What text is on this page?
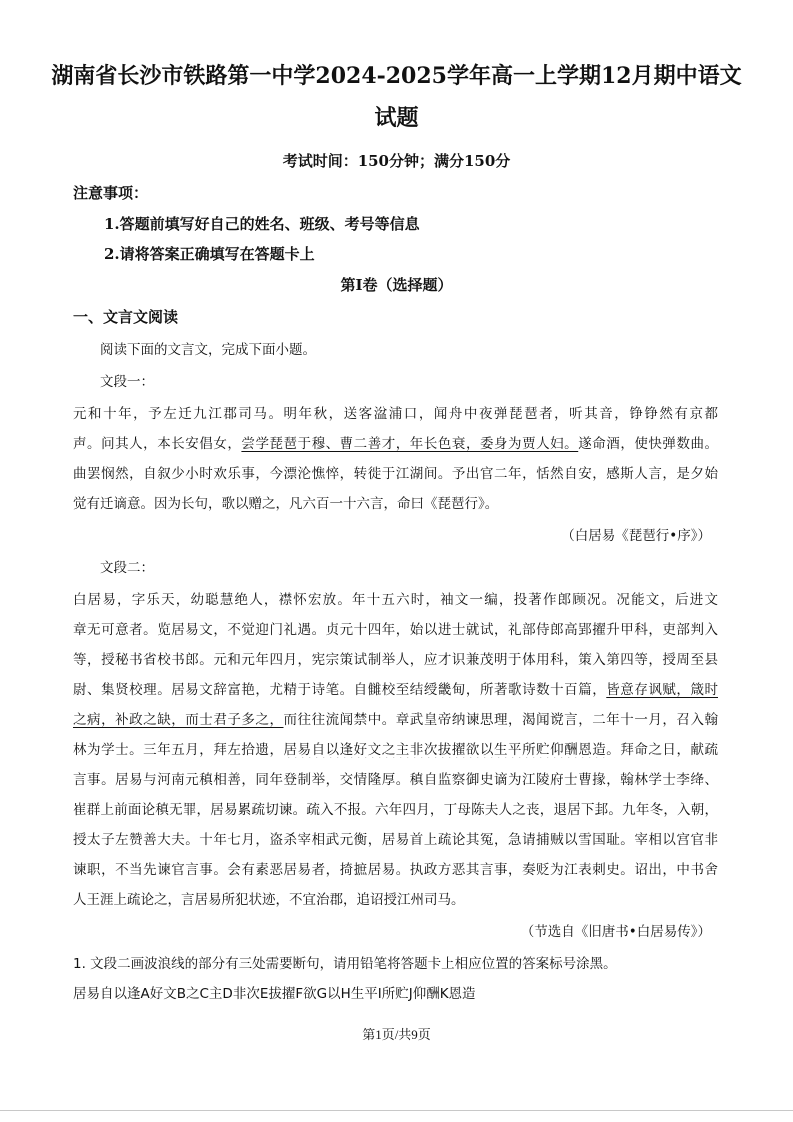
湖南省长沙市铁路第一中学2024-2025学年高一上学期12月期中语文
试题
考试时间：150分钟；满分150分
注意事项：
1.答题前填写好自己的姓名、班级、考号等信息
2.请将答案正确填写在答题卡上
第Ⅰ卷（选择题）
一、文言文阅读
阅读下面的文言文，完成下面小题。
文段一：
元和十年，予左迁九江郡司马。明年秋，送客湓浦口，闻舟中夜弹琵琶者，听其音，铮铮然有京都
声。问其人，本长安倡女，尝学琵琶于穆、曹二善才，年长色衰，委身为贾人妇。遂命酒，使快弹数曲。
曲罢悯然，自叙少小时欢乐事，今漂沦憔悴，转徙于江湖间。予出官二年，恬然自安，感斯人言，是夕始
觉有迁谪意。因为长句，歌以赠之，凡六百一十六言，命曰《琵琶行》。
（白居易《琵琶行•序》）
文段二：
白居易，字乐天，幼聪慧绝人，襟怀宏放。年十五六时，袖文一编，投著作郎顾况。况能文，后进文
章无可意者。览居易文，不觉迎门礼遇。贞元十四年，始以进士就试，礼部侍郎高郢擢升甲科，吏部判入
等，授秘书省校书郎。元和元年四月，宪宗策试制举人，应才识兼茂明于体用科，策入第四等，授周至县
尉、集贤校理。居易文辞富艳，尤精于诗笔。自雠校至结绶畿甸，所著歌诗数十百篇，皆意存讽赋，箴时
之病，补政之缺，而士君子多之，而往往流闻禁中。章武皇帝纳谏思理，渴闻谠言，二年十一月，召入翰
林为学士。三年五月，拜左拾遗，居易自以逢好文之主非次拔擢欲以生平所贮仰酬恩造。拜命之日，献疏
言事。居易与河南元稹相善，同年登制举，交情隆厚。稹自监察御史谪为江陵府士曹掾，翰林学士李绛、
崔群上前面论稹无罪，居易累疏切谏。疏入不报。六年四月，丁母陈夫人之丧，退居下邽。九年冬，入朝，
授太子左赞善大夫。十年七月，盗杀宰相武元衡，居易首上疏论其冤，急请捕贼以雪国耻。宰相以宫官非
谏职，不当先谏官言事。会有素恶居易者，掎摭居易。执政方恶其言事，奏贬为江表刺史。诏出，中书舍
人王涯上疏论之，言居易所犯状迹，不宜治郡，追诏授江州司马。
（节选自《旧唐书•白居易传》）
1. 文段二画波浪线的部分有三处需要断句，请用铅笔将答题卡上相应位置的答案标号涂黑。
居易自以逢A好文B之C主D非次E拔擢F欲G以H生平I所贮J仰酬K恩造
第1页/共9页
